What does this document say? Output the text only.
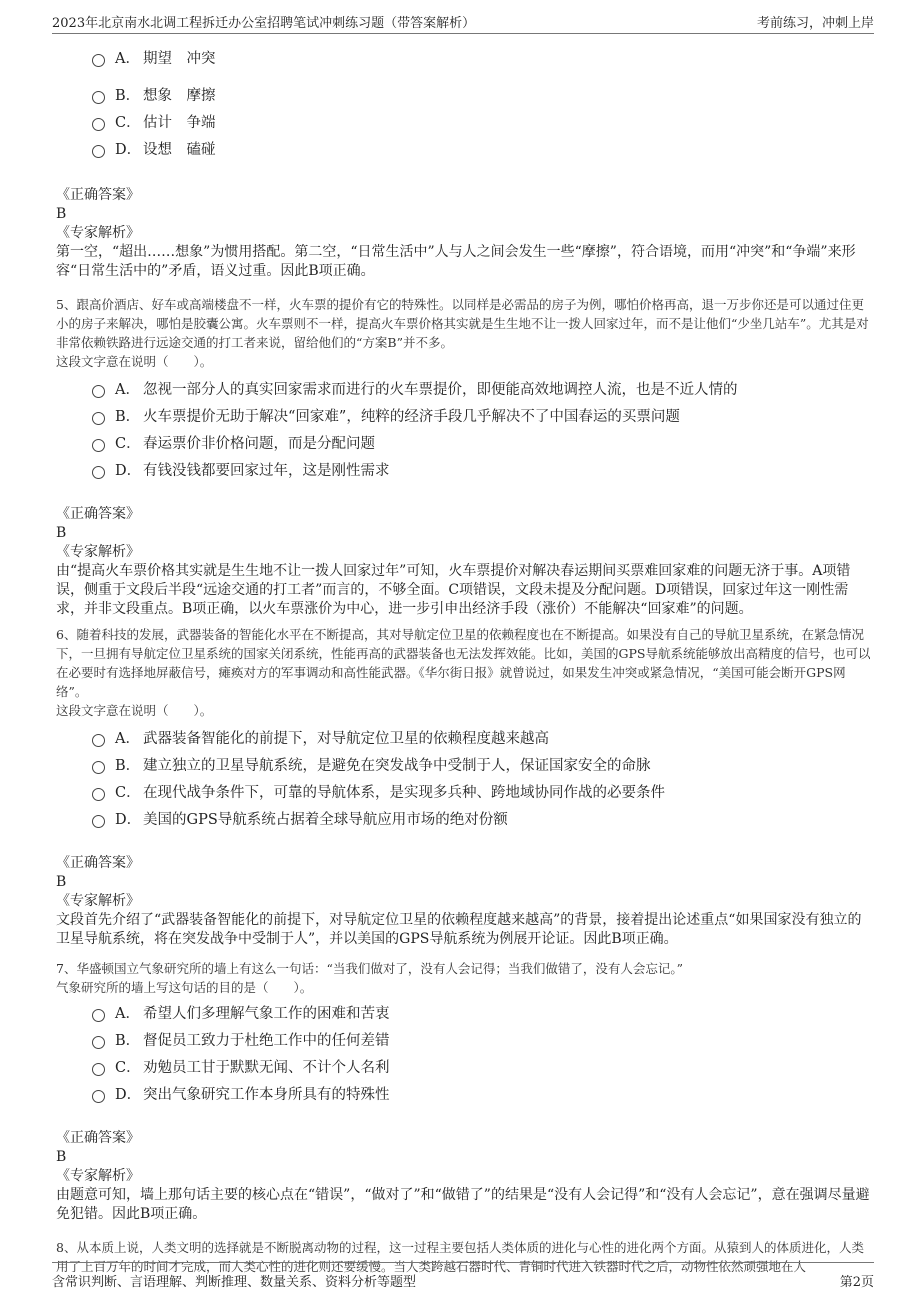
2023年北京南水北调工程拆迁办公室招聘笔试冲刺练习题（带答案解析）	考前练习，冲刺上岸
A． 期望　冲突
B． 想象　摩擦
C． 估计　争端
D． 设想　磕碰
《正确答案》
B
《专家解析》
第一空，“超出……想象”为惯用搭配。第二空，“日常生活中”人与人之间会发生一些“摩擦”，符合语境，而用“冲突”和“争端”来形容“日常生活中的”矛盾，语义过重。因此B项正确。
5、跟高价酒店、好车或高端楼盘不一样，火车票的提价有它的特殊性。以同样是必需品的房子为例，哪怕价格再高，退一万步你还是可以通过住更小的房子来解决，哪怕是胶囊公寓。火车票则不一样，提高火车票价格其实就是生生地不让一拨人回家过年，而不是让他们“少坐几站车”。尤其是对非常依赖铁路进行远途交通的打工者来说，留给他们的“方案B”并不多。
这段文字意在说明（　　）。
A． 忽视一部分人的真实回家需求而进行的火车票提价，即便能高效地调控人流，也是不近人情的
B． 火车票提价无助于解决“回家难”，纯粹的经济手段几乎解决不了中国春运的买票问题
C． 春运票价非价格问题，而是分配问题
D． 有钱没钱都要回家过年，这是刚性需求
《正确答案》
B
《专家解析》
由“提高火车票价格其实就是生生地不让一拨人回家过年”可知，火车票提价对解决春运期间买票难回家难的问题无济于事。A项错误，侧重于文段后半段“远途交通的打工者”而言的，不够全面。C项错误，文段未提及分配问题。D项错误，回家过年这一刚性需求，并非文段重点。B项正确，以火车票涨价为中心，进一步引申出经济手段（涨价）不能解决“回家难”的问题。
6、随着科技的发展，武器装备的智能化水平在不断提高，其对导航定位卫星的依赖程度也在不断提高。如果没有自己的导航卫星系统，在紧急情况下，一旦拥有导航定位卫星系统的国家关闭系统，性能再高的武器装备也无法发挥效能。比如，美国的GPS导航系统能够放出高精度的信号，也可以在必要时有选择地屏蔽信号，瘫痪对方的军事调动和高性能武器。《华尔街日报》就曾说过，如果发生冲突或紧急情况，“美国可能会断开GPS网络”。
这段文字意在说明（　　）。
A． 武器装备智能化的前提下，对导航定位卫星的依赖程度越来越高
B． 建立独立的卫星导航系统，是避免在突发战争中受制于人，保证国家安全的命脉
C． 在现代战争条件下，可靠的导航体系，是实现多兵种、跨地域协同作战的必要条件
D． 美国的GPS导航系统占据着全球导航应用市场的绝对份额
《正确答案》
B
《专家解析》
文段首先介绍了“武器装备智能化的前提下，对导航定位卫星的依赖程度越来越高”的背景，接着提出论述重点“如果国家没有独立的卫星导航系统，将在突发战争中受制于人”，并以美国的GPS导航系统为例展开论证。因此B项正确。
7、华盛顿国立气象研究所的墙上有这么一句话：“当我们做对了，没有人会记得；当我们做错了，没有人会忘记。”
气象研究所的墙上写这句话的目的是（　　）。
A． 希望人们多理解气象工作的困难和苦衷
B． 督促员工致力于杜绝工作中的任何差错
C． 劝勉员工甘于默默无闻、不计个人名利
D． 突出气象研究工作本身所具有的特殊性
《正确答案》
B
《专家解析》
由题意可知，墙上那句话主要的核心点在“错误”，“做对了”和“做错了”的结果是“没有人会记得”和“没有人会忘记”，意在强调尽量避免犯错。因此B项正确。
8、从本质上说，人类文明的选择就是不断脱离动物的过程，这一过程主要包括人类体质的进化与心性的进化两个方面。从猿到人的体质进化，人类用了上百万年的时间才完成，而人类心性的进化则还要缓慢。当人类跨越石器时代、青铜时代进入铁器时代之后，动物性依然顽强地在人
含常识判断、言语理解、判断推理、数量关系、资料分析等题型	第2页
